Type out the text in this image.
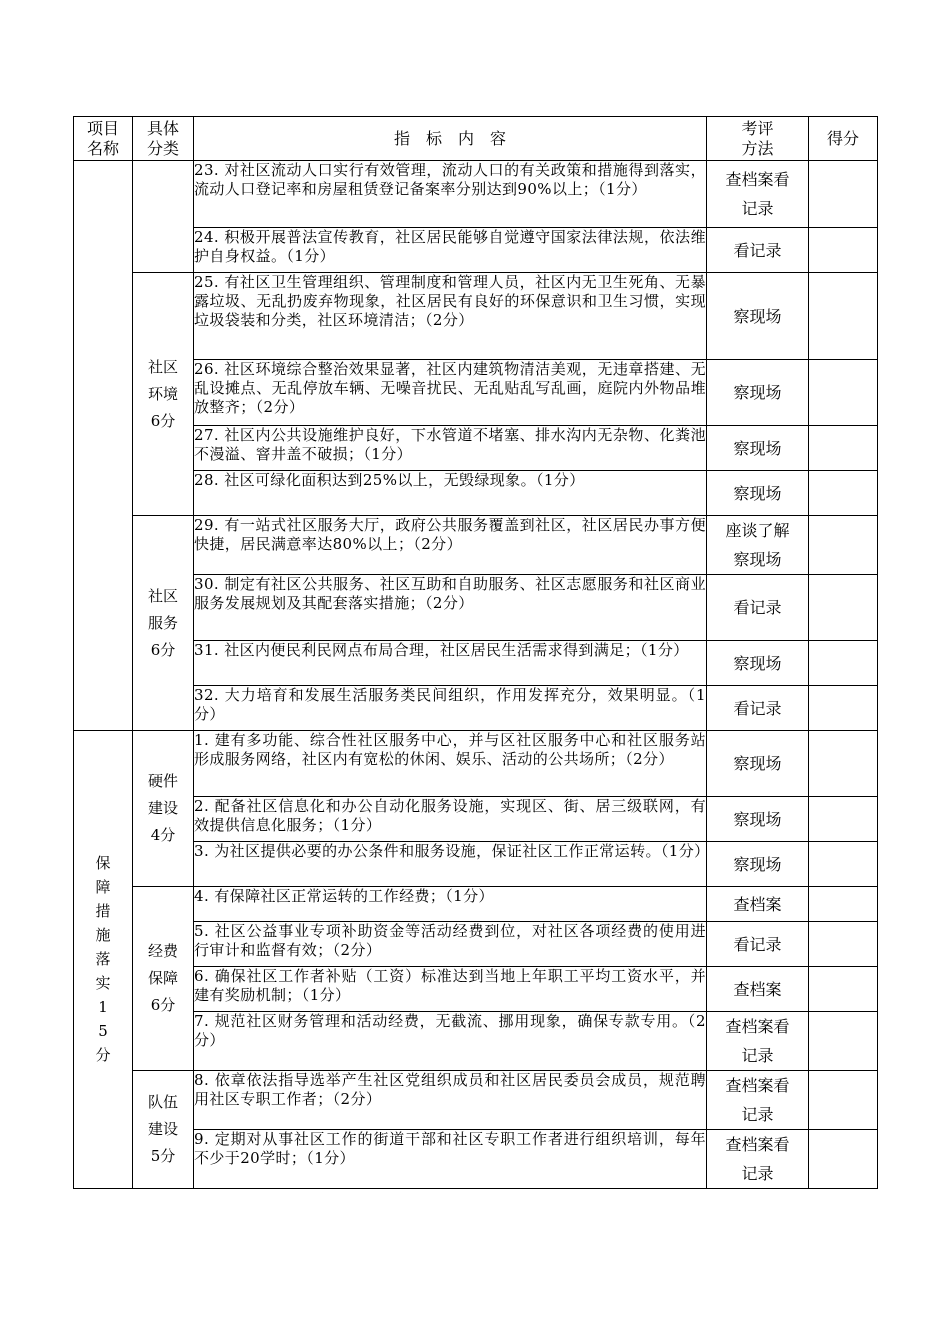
项目名称	具体分类	指　标　内　容	考评方法	得分
		23. 对社区流动人口实行有效管理，流动人口的有关政策和措施得到落实，流动人口登记率和房屋租赁登记备案率分别达到90%以上；（1分）	查档案看记录	
		24. 积极开展普法宣传教育，社区居民能够自觉遵守国家法律法规，依法维护自身权益。（1分）	看记录	
	社区环境6分	25. 有社区卫生管理组织、管理制度和管理人员，社区内无卫生死角、无暴露垃圾、无乱扔废弃物现象，社区居民有良好的环保意识和卫生习惯，实现垃圾袋装和分类，社区环境清洁；（2分）	察现场	
		26. 社区环境综合整治效果显著，社区内建筑物清洁美观，无违章搭建、无乱设摊点、无乱停放车辆、无噪音扰民、无乱贴乱写乱画，庭院内外物品堆放整齐；（2分）	察现场	
		27. 社区内公共设施维护良好，下水管道不堵塞、排水沟内无杂物、化粪池不漫溢、窨井盖不破损；（1分）	察现场	
		28. 社区可绿化面积达到25%以上，无毁绿现象。（1分）	察现场	
	社区服务6分	29. 有一站式社区服务大厅，政府公共服务覆盖到社区，社区居民办事方便快捷，居民满意率达80%以上；（2分）	座谈了解察现场	
		30. 制定有社区公共服务、社区互助和自助服务、社区志愿服务和社区商业服务发展规划及其配套落实措施；（2分）	看记录	
		31. 社区内便民利民网点布局合理，社区居民生活需求得到满足；（1分）	察现场	
		32. 大力培育和发展生活服务类民间组织，作用发挥充分，效果明显。（1分）	看记录	
保障措施落实15分	硬件建设4分	1. 建有多功能、综合性社区服务中心，并与区社区服务中心和社区服务站形成服务网络，社区内有宽松的休闲、娱乐、活动的公共场所；（2分）	察现场	
		2. 配备社区信息化和办公自动化服务设施，实现区、街、居三级联网，有效提供信息化服务；（1分）	察现场	
		3. 为社区提供必要的办公条件和服务设施，保证社区工作正常运转。（1分）	察现场	
	经费保障6分	4. 有保障社区正常运转的工作经费；（1分）	查档案	
		5. 社区公益事业专项补助资金等活动经费到位，对社区各项经费的使用进行审计和监督有效；（2分）	看记录	
		6. 确保社区工作者补贴（工资）标准达到当地上年职工平均工资水平，并建有奖励机制；（1分）	查档案	
		7. 规范社区财务管理和活动经费，无截流、挪用现象，确保专款专用。（2分）	查档案看记录	
	队伍建设5分	8. 依章依法指导选举产生社区党组织成员和社区居民委员会成员，规范聘用社区专职工作者；（2分）	查档案看记录	
		9. 定期对从事社区工作的街道干部和社区专职工作者进行组织培训，每年不少于20学时；（1分）	查档案看记录	
